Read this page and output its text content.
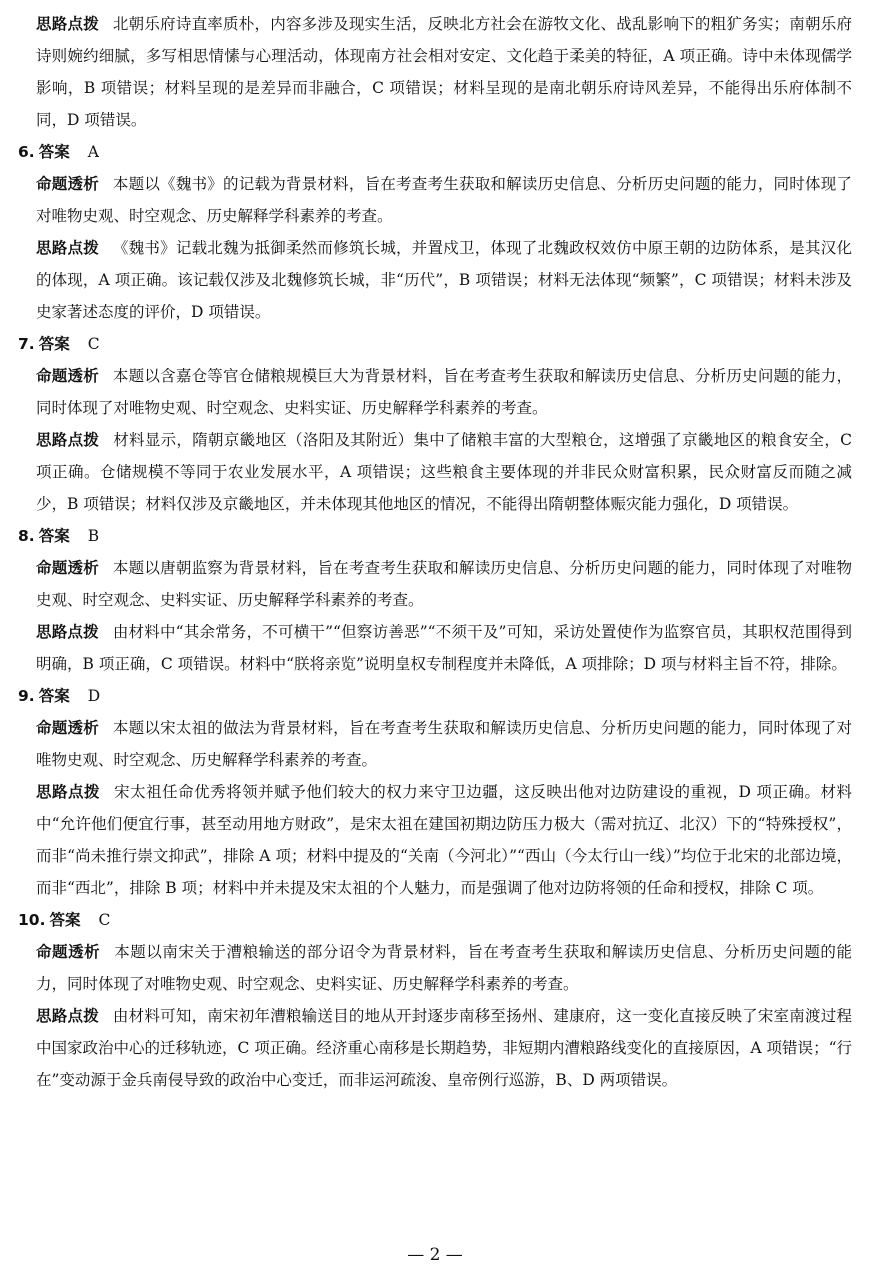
思路点拨 北朝乐府诗直率质朴，内容多涉及现实生活，反映北方社会在游牧文化、战乱影响下的粗犷务实；南朝乐府诗则婉约细腻，多写相思情愫与心理活动，体现南方社会相对安定、文化趋于柔美的特征，A 项正确。诗中未体现儒学影响，B 项错误；材料呈现的是差异而非融合，C 项错误；材料呈现的是南北朝乐府诗风差异，不能得出乐府体制不同，D 项错误。

6. 答案 A

命题透析 本题以《魏书》的记载为背景材料，旨在考查考生获取和解读历史信息、分析历史问题的能力，同时体现了对唯物史观、时空观念、历史解释学科素养的考查。

思路点拨 《魏书》记载北魏为抵御柔然而修筑长城，并置戍卫，体现了北魏政权效仿中原王朝的边防体系，是其汉化的体现，A 项正确。该记载仅涉及北魏修筑长城，非“历代”，B 项错误；材料无法体现“频繁”，C 项错误；材料未涉及史家著述态度的评价，D 项错误。

7. 答案 C

命题透析 本题以含嘉仓等官仓储粮规模巨大为背景材料，旨在考查考生获取和解读历史信息、分析历史问题的能力，同时体现了对唯物史观、时空观念、史料实证、历史解释学科素养的考查。

思路点拨 材料显示，隋朝京畿地区（洛阳及其附近）集中了储粮丰富的大型粮仓，这增强了京畿地区的粮食安全，C 项正确。仓储规模不等同于农业发展水平，A 项错误；这些粮食主要体现的并非民众财富积累，民众财富反而随之减少，B 项错误；材料仅涉及京畿地区，并未体现其他地区的情况，不能得出隋朝整体赈灾能力强化，D 项错误。

8. 答案 B

命题透析 本题以唐朝监察为背景材料，旨在考查考生获取和解读历史信息、分析历史问题的能力，同时体现了对唯物史观、时空观念、史料实证、历史解释学科素养的考查。

思路点拨 由材料中“其余常务，不可横干”“但察访善恶”“不须干及”可知，采访处置使作为监察官员，其职权范围得到明确，B 项正确，C 项错误。材料中“朕将亲览”说明皇权专制程度并未降低，A 项排除；D 项与材料主旨不符，排除。

9. 答案 D

命题透析 本题以宋太祖的做法为背景材料，旨在考查考生获取和解读历史信息、分析历史问题的能力，同时体现了对唯物史观、时空观念、历史解释学科素养的考查。

思路点拨 宋太祖任命优秀将领并赋予他们较大的权力来守卫边疆，这反映出他对边防建设的重视，D 项正确。材料中“允许他们便宜行事，甚至动用地方财政”，是宋太祖在建国初期边防压力极大（需对抗辽、北汉）下的“特殊授权”，而非“尚未推行崇文抑武”，排除 A 项；材料中提及的“关南（今河北）”“西山（今太行山一线）”均位于北宋的北部边境，而非“西北”，排除 B 项；材料中并未提及宋太祖的个人魅力，而是强调了他对边防将领的任命和授权，排除 C 项。

10. 答案 C

命题透析 本题以南宋关于漕粮输送的部分诏令为背景材料，旨在考查考生获取和解读历史信息、分析历史问题的能力，同时体现了对唯物史观、时空观念、史料实证、历史解释学科素养的考查。

思路点拨 由材料可知，南宋初年漕粮输送目的地从开封逐步南移至扬州、建康府，这一变化直接反映了宋室南渡过程中国家政治中心的迁移轨迹，C 项正确。经济重心南移是长期趋势，非短期内漕粮路线变化的直接原因，A 项错误；“行在”变动源于金兵南侵导致的政治中心变迁，而非运河疏浚、皇帝例行巡游，B、D 两项错误。

— 2 —
